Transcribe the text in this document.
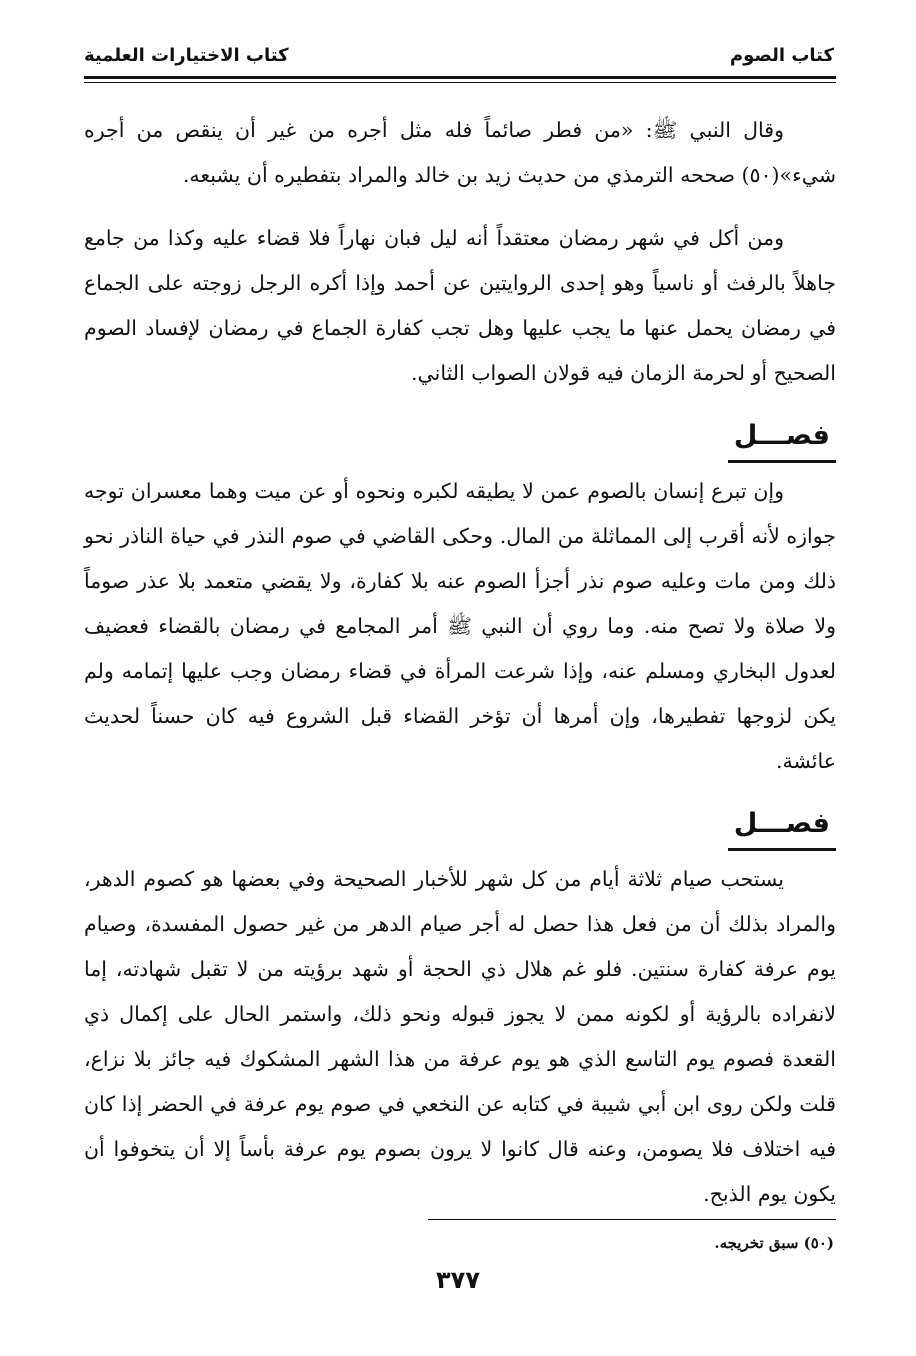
كتاب الصوم
كتاب الاختيارات العلمية

وقال النبي ﷺ: «من فطر صائماً فله مثل أجره من غير أن ينقص من أجره شيء»(٥٠) صححه الترمذي من حديث زيد بن خالد والمراد بتفطيره أن يشبعه.

ومن أكل في شهر رمضان معتقداً أنه ليل فبان نهاراً فلا قضاء عليه وكذا من جامع جاهلاً بالرفث أو ناسياً وهو إحدى الروايتين عن أحمد وإذا أكره الرجل زوجته على الجماع في رمضان يحمل عنها ما يجب عليها وهل تجب كفارة الجماع في رمضان لإفساد الصوم الصحيح أو لحرمة الزمان فيه قولان الصواب الثاني.

فصـــل

وإن تبرع إنسان بالصوم عمن لا يطيقه لكبره ونحوه أو عن ميت وهما معسران توجه جوازه لأنه أقرب إلى المماثلة من المال. وحكى القاضي في صوم النذر في حياة الناذر نحو ذلك ومن مات وعليه صوم نذر أجزأ الصوم عنه بلا كفارة، ولا يقضي متعمد بلا عذر صوماً ولا صلاة ولا تصح منه. وما روي أن النبي ﷺ أمر المجامع في رمضان بالقضاء فعضيف لعدول البخاري ومسلم عنه، وإذا شرعت المرأة في قضاء رمضان وجب عليها إتمامه ولم يكن لزوجها تفطيرها، وإن أمرها أن تؤخر القضاء قبل الشروع فيه كان حسناً لحديث عائشة.

فصـــل

يستحب صيام ثلاثة أيام من كل شهر للأخبار الصحيحة وفي بعضها هو كصوم الدهر، والمراد بذلك أن من فعل هذا حصل له أجر صيام الدهر من غير حصول المفسدة، وصيام يوم عرفة كفارة سنتين. فلو غم هلال ذي الحجة أو شهد برؤيته من لا تقبل شهادته، إما لانفراده بالرؤية أو لكونه ممن لا يجوز قبوله ونحو ذلك، واستمر الحال على إكمال ذي القعدة فصوم يوم التاسع الذي هو يوم عرفة من هذا الشهر المشكوك فيه جائز بلا نزاع، قلت ولكن روى ابن أبي شيبة في كتابه عن النخعي في صوم يوم عرفة في الحضر إذا كان فيه اختلاف فلا يصومن، وعنه قال كانوا لا يرون بصوم يوم عرفة بأساً إلا أن يتخوفوا أن يكون يوم الذبح.

(٥٠) سبق تخريجه.
٣٧٧
